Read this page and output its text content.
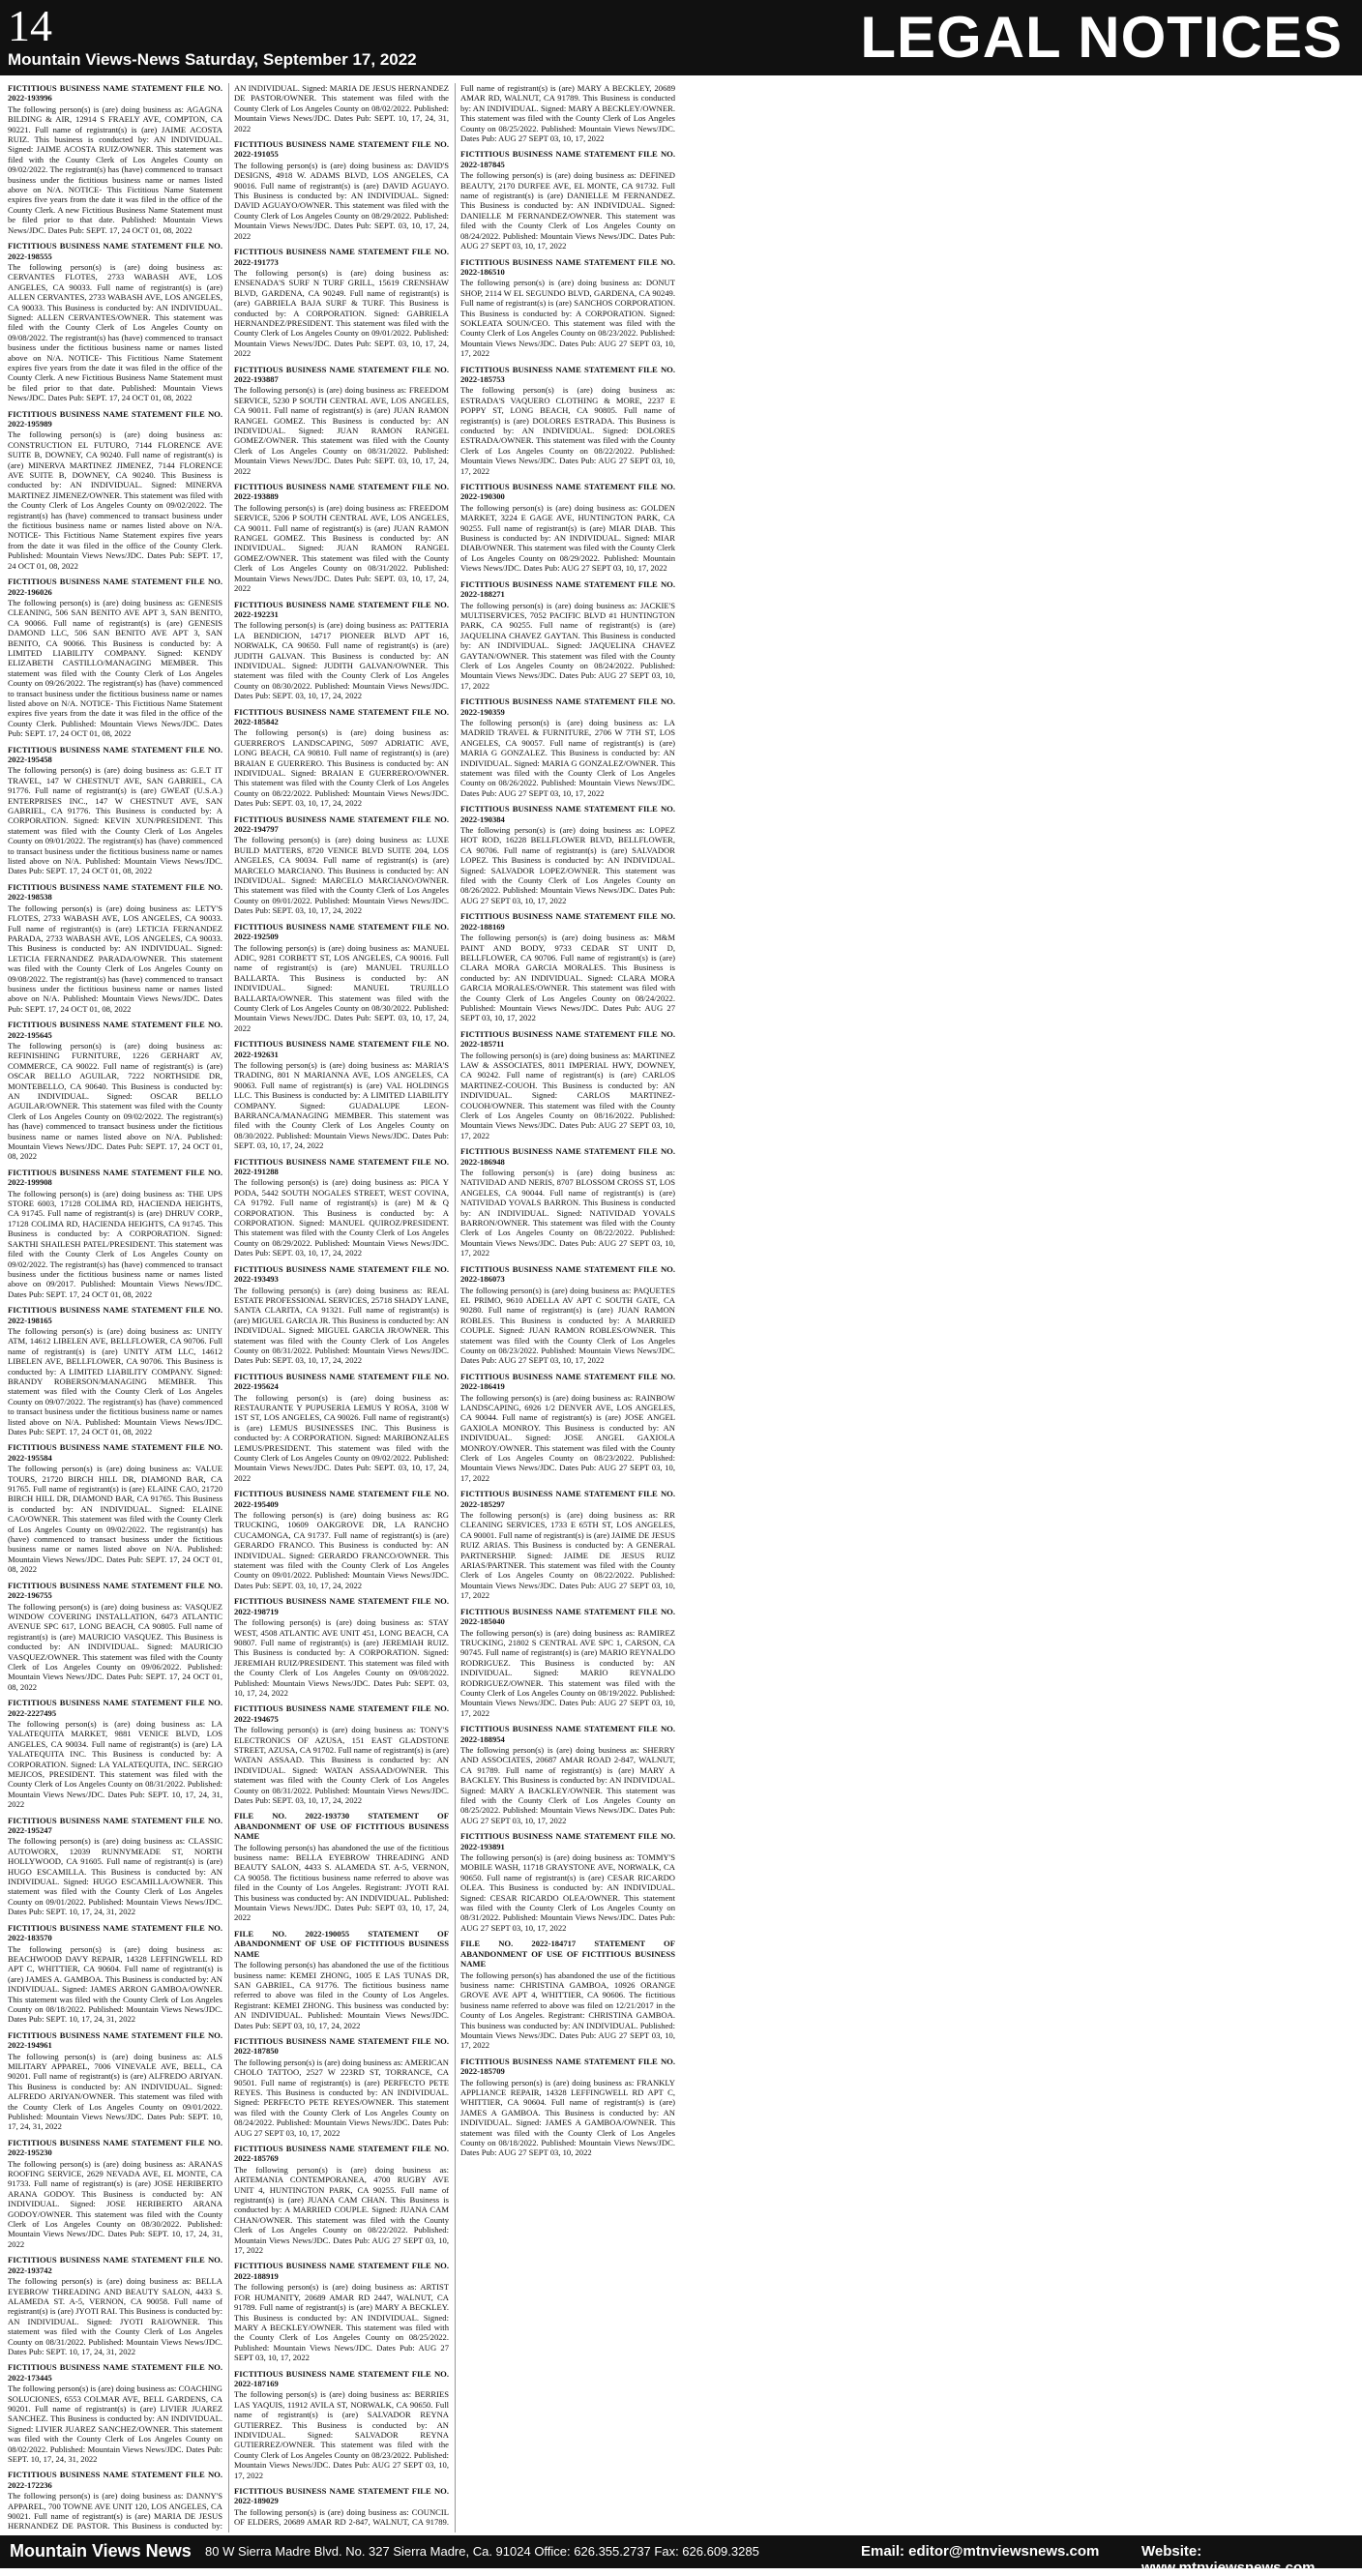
14
Mountain Views-News Saturday, September 17, 2022	LEGAL NOTICES
FICTITIOUS BUSINESS NAME STATEMENT FILE NO. 2022-193996
The following person(s) is (are) doing business as: AGAGNA BILDING & AIR, 12914 S FRAELY AVE, COMPTON, CA 90221. Full name of registrant(s) is (are) JAIME ACOSTA RUIZ. This business is conducted by: AN INDIVIDUAL. Signed: JAIME ACOSTA RUIZ/OWNER. This statement was filed with the County Clerk of Los Angeles County on 09/02/2022. The registrant(s) has (have) commenced to transact business under the fictitious business name or names listed above on N/A. NOTICE- This Fictitious Name Statement expires five years from the date it was filed in the office of the County Clerk. A new Fictitious Business Name Statement must be filed prior to that date. Published: Mountain Views News/JDC. Dates Pub: SEPT. 17, 24 OCT 01, 08, 2022
FICTITIOUS BUSINESS NAME STATEMENT FILE NO. 2022-198555
The following person(s) is (are) doing business as: CERVANTES FLOTES, 2733 WABASH AVE, LOS ANGELES, CA 90033. Full name of registrant(s) is (are) ALLEN CERVANTES, 2733 WABASH AVE, LOS ANGELES, CA 90033. This Business is conducted by: AN INDIVIDUAL. Signed: ALLEN CERVANTES/OWNER. This statement was filed with the County Clerk of Los Angeles County on 09/08/2022. The registrant(s) has (have) commenced to transact business under the fictitious business name or names listed above on N/A. NOTICE- This Fictitious Name Statement expires five years from the date it was filed in the office of the County Clerk. A new Fictitious Business Name Statement must be filed prior to that date. Published: Mountain Views News/JDC. Dates Pub: SEPT. 17, 24 OCT 01, 08, 2022
FICTITIOUS BUSINESS NAME STATEMENT FILE NO. 2022-195989
The following person(s) is (are) doing business as: CONSTRUCTION EL FUTURO, 7144 FLORENCE AVE SUITE B, DOWNEY, CA 90240. Full name of registrant(s) is (are) MINERVA MARTINEZ JIMENEZ, 7144 FLORENCE AVE SUITE B, DOWNEY, CA 90240. This Business is conducted by: AN INDIVIDUAL. Signed: MINERVA MARTINEZ JIMENEZ/OWNER. This statement was filed with the County Clerk of Los Angeles County on 09/02/2022. The registrant(s) has (have) commenced to transact business under the fictitious business name or names listed above on N/A. NOTICE- This Fictitious Name Statement expires five years from the date it was filed in the office of the County Clerk. Published: Mountain Views News/JDC. Dates Pub: SEPT. 17, 24 OCT 01, 08, 2022
FICTITIOUS BUSINESS NAME STATEMENT FILE NO. 2022-196026
The following person(s) is (are) doing business as: GENESIS CLEANING, 506 SAN BENITO AVE APT 3, SAN BENITO, CA 90066. Full name of registrant(s) is (are) GENESIS DAMOND LLC, 506 SAN BENITO AVE APT 3, SAN BENITO, CA 90066. This Business is conducted by: A LIMITED LIABILITY COMPANY. Signed: KENDY ELIZABETH CASTILLO/MANAGING MEMBER. This statement was filed with the County Clerk of Los Angeles County on 09/26/2022. The registrant(s) has (have) commenced to transact business under the fictitious business name or names listed above on N/A. NOTICE- This Fictitious Name Statement expires five years from the date it was filed in the office of the County Clerk. Published: Mountain Views News/JDC. Dates Pub: SEPT. 17, 24 OCT 01, 08, 2022
FICTITIOUS BUSINESS NAME STATEMENT FILE NO. 2022-195458
The following person(s) is (are) doing business as: G.E.T IT TRAVEL, 147 W CHESTNUT AVE, SAN GABRIEL, CA 91776. Full name of registrant(s) is (are) GWEAT (U.S.A.) ENTERPRISES INC., 147 W CHESTNUT AVE, SAN GABRIEL, CA 91776. This Business is conducted by: A CORPORATION. Signed: KEVIN XUN/PRESIDENT. This statement was filed with the County Clerk of Los Angeles County on 09/01/2022. The registrant(s) has (have) commenced to transact business under the fictitious business name or names listed above on N/A. Published: Mountain Views News/JDC. Dates Pub: SEPT. 17, 24 OCT 01, 08, 2022
FICTITIOUS BUSINESS NAME STATEMENT FILE NO. 2022-198538
The following person(s) is (are) doing business as: LETY'S FLOTES, 2733 WABASH AVE, LOS ANGELES, CA 90033. Full name of registrant(s) is (are) LETICIA FERNANDEZ PARADA, 2733 WABASH AVE, LOS ANGELES, CA 90033. This Business is conducted by: AN INDIVIDUAL. Signed: LETICIA FERNANDEZ PARADA/OWNER. This statement was filed with the County Clerk of Los Angeles County on 09/08/2022. The registrant(s) has (have) commenced to transact business under the fictitious business name or names listed above on N/A. Published: Mountain Views News/JDC. Dates Pub: SEPT. 17, 24 OCT 01, 08, 2022
FICTITIOUS BUSINESS NAME STATEMENT FILE NO. 2022-195645
The following person(s) is (are) doing business as: REFINISHING FURNITURE, 1226 GERHART AV, COMMERCE, CA 90022. Full name of registrant(s) is (are) OSCAR BELLO AGUILAR, 7222 NORTHSIDE DR, MONTEBELLO, CA 90640. This Business is conducted by: AN INDIVIDUAL. Signed: OSCAR BELLO AGUILAR/OWNER. This statement was filed with the County Clerk of Los Angeles County on 09/02/2022. The registrant(s) has (have) commenced to transact business under the fictitious business name or names listed above on N/A. Published: Mountain Views News/JDC. Dates Pub: SEPT. 17, 24 OCT 01, 08, 2022
FICTITIOUS BUSINESS NAME STATEMENT FILE NO. 2022-199908
The following person(s) is (are) doing business as: THE UPS STORE 6003, 17128 COLIMA RD, HACIENDA HEIGHTS, CA 91745. Full name of registrant(s) is (are) DHRUV CORP., 17128 COLIMA RD, HACIENDA HEIGHTS, CA 91745. This Business is conducted by: A CORPORATION. Signed: SAKTHI SHAILESH PATEL/PRESIDENT. This statement was filed with the County Clerk of Los Angeles County on 09/02/2022. The registrant(s) has (have) commenced to transact business under the fictitious business name or names listed above on 09/2017. Published: Mountain Views News/JDC. Dates Pub: SEPT. 17, 24 OCT 01, 08, 2022
FICTITIOUS BUSINESS NAME STATEMENT FILE NO. 2022-198165
The following person(s) is (are) doing business as: UNITY ATM, 14612 LIBELEN AVE, BELLFLOWER, CA 90706. Full name of registrant(s) is (are) UNITY ATM LLC, 14612 LIBELEN AVE, BELLFLOWER, CA 90706. This Business is conducted by: A LIMITED LIABILITY COMPANY. Signed: BRANDY ROBERSON/MANAGING MEMBER. This statement was filed with the County Clerk of Los Angeles County on 09/07/2022. The registrant(s) has (have) commenced to transact business under the fictitious business name or names listed above on N/A. Published: Mountain Views News/JDC. Dates Pub: SEPT. 17, 24 OCT 01, 08, 2022
FICTITIOUS BUSINESS NAME STATEMENT FILE NO. 2022-195584
The following person(s) is (are) doing business as: VALUE TOURS, 21720 BIRCH HILL DR, DIAMOND BAR, CA 91765. Full name of registrant(s) is (are) ELAINE CAO, 21720 BIRCH HILL DR, DIAMOND BAR, CA 91765. This Business is conducted by: AN INDIVIDUAL. Signed: ELAINE CAO/OWNER. This statement was filed with the County Clerk of Los Angeles County on 09/02/2022. The registrant(s) has (have) commenced to transact business under the fictitious business name or names listed above on N/A. Published: Mountain Views News/JDC. Dates Pub: SEPT. 17, 24 OCT 01, 08, 2022
FICTITIOUS BUSINESS NAME STATEMENT FILE NO. 2022-196755
The following person(s) is (are) doing business as: VASQUEZ WINDOW COVERING INSTALLATION, 6473 ATLANTIC AVENUE SPC 617, LONG BEACH, CA 90805. Full name of registrant(s) is (are) MAURICIO VASQUEZ. This Business is conducted by: AN INDIVIDUAL. Signed: MAURICIO VASQUEZ/OWNER. This statement was filed with the County Clerk of Los Angeles County on 09/06/2022. Published: Mountain Views News/JDC. Dates Pub: SEPT. 17, 24 OCT 01, 08, 2022
FICTITIOUS BUSINESS NAME STATEMENT FILE NO. 2022-2227495
The following person(s) is (are) doing business as: LA YALATEQUITA MARKET, 9881 VENICE BLVD, LOS ANGELES, CA 90034. Full name of registrant(s) is (are) LA YALATEQUITA INC. This Business is conducted by: A CORPORATION. Signed: LA YALATEQUITA, INC. SERGIO MEJICOS, PRESIDENT. This statement was filed with the County Clerk of Los Angeles County on 08/31/2022. Published: Mountain Views News/JDC. Dates Pub: SEPT. 10, 17, 24, 31, 2022
FICTITIOUS BUSINESS NAME STATEMENT FILE NO. 2022-195247
The following person(s) is (are) doing business as: CLASSIC AUTOWORX, 12039 RUNNYMEADE ST, NORTH HOLLYWOOD, CA 91605. Full name of registrant(s) is (are) HUGO ESCAMILLA. This Business is conducted by: AN INDIVIDUAL. Signed: HUGO ESCAMILLA/OWNER. This statement was filed with the County Clerk of Los Angeles County on 09/01/2022. Published: Mountain Views News/JDC. Dates Pub: SEPT. 10, 17, 24, 31, 2022
FICTITIOUS BUSINESS NAME STATEMENT FILE NO. 2022-183570
The following person(s) is (are) doing business as: BEACHWOOD DAVY REPAIR, 14328 LEFFINGWELL RD APT C, WHITTIER, CA 90604. Full name of registrant(s) is (are) JAMES A. GAMBOA. This Business is conducted by: AN INDIVIDUAL. Signed: JAMES ARRON GAMBOA/OWNER. This statement was filed with the County Clerk of Los Angeles County on 08/18/2022. Published: Mountain Views News/JDC. Dates Pub: SEPT. 10, 17, 24, 31, 2022
FICTITIOUS BUSINESS NAME STATEMENT FILE NO. 2022-194961
The following person(s) is (are) doing business as: ALS MILITARY APPAREL, 7006 VINEVALE AVE, BELL, CA 90201. Full name of registrant(s) is (are) ALFREDO ARIYAN. This Business is conducted by: AN INDIVIDUAL. Signed: ALFREDO ARIYAN/OWNER. This statement was filed with the County Clerk of Los Angeles County on 09/01/2022. Published: Mountain Views News/JDC. Dates Pub: SEPT. 10, 17, 24, 31, 2022
FICTITIOUS BUSINESS NAME STATEMENT FILE NO. 2022-195230
The following person(s) is (are) doing business as: ARANAS ROOFING SERVICE, 2629 NEVADA AVE, EL MONTE, CA 91733. Full name of registrant(s) is (are) JOSE HERIBERTO ARANA GODOY. This Business is conducted by: AN INDIVIDUAL. Signed: JOSE HERIBERTO ARANA GODOY/OWNER. This statement was filed with the County Clerk of Los Angeles County on 08/30/2022. Published: Mountain Views News/JDC. Dates Pub: SEPT. 10, 17, 24, 31, 2022
FICTITIOUS BUSINESS NAME STATEMENT FILE NO. 2022-193742
The following person(s) is (are) doing business as: BELLA EYEBROW THREADING AND BEAUTY SALON, 4433 S. ALAMEDA ST. A-5, VERNON, CA 90058. Full name of registrant(s) is (are) JYOTI RAI. This Business is conducted by: AN INDIVIDUAL. Signed: JYOTI RAI/OWNER. This statement was filed with the County Clerk of Los Angeles County on 08/31/2022. Published: Mountain Views News/JDC. Dates Pub: SEPT. 10, 17, 24, 31, 2022
FICTITIOUS BUSINESS NAME STATEMENT FILE NO. 2022-173445
The following person(s) is (are) doing business as: COACHING SOLUCIONES, 6553 COLMAR AVE, BELL GARDENS, CA 90201. Full name of registrant(s) is (are) LIVIER JUAREZ SANCHEZ. This Business is conducted by: AN INDIVIDUAL. Signed: LIVIER JUAREZ SANCHEZ/OWNER. This statement was filed with the County Clerk of Los Angeles County on 08/02/2022. Published: Mountain Views News/JDC. Dates Pub: SEPT. 10, 17, 24, 31, 2022
FICTITIOUS BUSINESS NAME STATEMENT FILE NO. 2022-172236
The following person(s) is (are) doing business as: DANNY'S APPAREL, 700 TOWNE AVE UNIT 120, LOS ANGELES, CA 90021. Full name of registrant(s) is (are) MARIA DE JESUS HERNANDEZ DE PASTOR. This Business is conducted by: AN INDIVIDUAL. Signed: MARIA DE JESUS HERNANDEZ DE PASTOR/OWNER. This statement was filed with the County Clerk of Los Angeles County on 08/02/2022. Published: Mountain Views News/JDC. Dates Pub: SEPT. 10, 17, 24, 31, 2022
FICTITIOUS BUSINESS NAME STATEMENT FILE NO. 2022-191055
The following person(s) is (are) doing business as: DAVID'S DESIGNS, 4918 W. ADAMS BLVD, LOS ANGELES, CA 90016. Full name of registrant(s) is (are) DAVID AGUAYO. This Business is conducted by: AN INDIVIDUAL. Signed: DAVID AGUAYO/OWNER. This statement was filed with the County Clerk of Los Angeles County on 08/29/2022. Published: Mountain Views News/JDC. Dates Pub: SEPT. 03, 10, 17, 24, 2022
FICTITIOUS BUSINESS NAME STATEMENT FILE NO. 2022-191773
The following person(s) is (are) doing business as: ENSENADA'S SURF N TURF GRILL, 15619 CRENSHAW BLVD, GARDENA, CA 90249. Full name of registrant(s) is (are) GABRIELA BAJA SURF & TURF. This Business is conducted by: A CORPORATION. Signed: GABRIELA HERNANDEZ/PRESIDENT. This statement was filed with the County Clerk of Los Angeles County on 09/01/2022. Published: Mountain Views News/JDC. Dates Pub: SEPT. 03, 10, 17, 24, 2022
FICTITIOUS BUSINESS NAME STATEMENT FILE NO. 2022-193887
The following person(s) is (are) doing business as: FREEDOM SERVICE, 5230 P SOUTH CENTRAL AVE, LOS ANGELES, CA 90011. Full name of registrant(s) is (are) JUAN RAMON RANGEL GOMEZ. This Business is conducted by: AN INDIVIDUAL. Signed: JUAN RAMON RANGEL GOMEZ/OWNER. This statement was filed with the County Clerk of Los Angeles County on 08/31/2022. Published: Mountain Views News/JDC. Dates Pub: SEPT. 03, 10, 17, 24, 2022
FICTITIOUS BUSINESS NAME STATEMENT FILE NO. 2022-193889
The following person(s) is (are) doing business as: FREEDOM SERVICE, 5206 P SOUTH CENTRAL AVE, LOS ANGELES, CA 90011. Full name of registrant(s) is (are) JUAN RAMON RANGEL GOMEZ. This Business is conducted by: AN INDIVIDUAL. Signed: JUAN RAMON RANGEL GOMEZ/OWNER. This statement was filed with the County Clerk of Los Angeles County on 08/31/2022. Published: Mountain Views News/JDC. Dates Pub: SEPT. 03, 10, 17, 24, 2022
FICTITIOUS BUSINESS NAME STATEMENT FILE NO. 2022-192231
The following person(s) is (are) doing business as: PATTERIA LA BENDICION, 14717 PIONEER BLVD APT 16, NORWALK, CA 90650. Full name of registrant(s) is (are) JUDITH GALVAN. This Business is conducted by: AN INDIVIDUAL. Signed: JUDITH GALVAN/OWNER. This statement was filed with the County Clerk of Los Angeles County on 08/30/2022. Published: Mountain Views News/JDC. Dates Pub: SEPT. 03, 10, 17, 24, 2022
FICTITIOUS BUSINESS NAME STATEMENT FILE NO. 2022-185842
The following person(s) is (are) doing business as: GUERRERO'S LANDSCAPING, 5097 ADRIATIC AVE, LONG BEACH, CA 90810. Full name of registrant(s) is (are) BRAIAN E GUERRERO. This Business is conducted by: AN INDIVIDUAL. Signed: BRAIAN E GUERRERO/OWNER. This statement was filed with the County Clerk of Los Angeles County on 08/22/2022. Published: Mountain Views News/JDC. Dates Pub: SEPT. 03, 10, 17, 24, 2022
FICTITIOUS BUSINESS NAME STATEMENT FILE NO. 2022-194797
The following person(s) is (are) doing business as: LUXE BUILD MATTERS, 8720 VENICE BLVD SUITE 204, LOS ANGELES, CA 90034. Full name of registrant(s) is (are) MARCELO MARCIANO. This Business is conducted by: AN INDIVIDUAL. Signed: MARCELO MARCIANO/OWNER. This statement was filed with the County Clerk of Los Angeles County on 09/01/2022. Published: Mountain Views News/JDC. Dates Pub: SEPT. 03, 10, 17, 24, 2022
FICTITIOUS BUSINESS NAME STATEMENT FILE NO. 2022-192509
The following person(s) is (are) doing business as: MANUEL ADIC, 9281 CORBETT ST, LOS ANGELES, CA 90016. Full name of registrant(s) is (are) MANUEL TRUJILLO BALLARTA. This Business is conducted by: AN INDIVIDUAL. Signed: MANUEL TRUJILLO BALLARTA/OWNER. This statement was filed with the County Clerk of Los Angeles County on 08/30/2022. Published: Mountain Views News/JDC. Dates Pub: SEPT. 03, 10, 17, 24, 2022
FICTITIOUS BUSINESS NAME STATEMENT FILE NO. 2022-192631
The following person(s) is (are) doing business as: MARIA'S TRADING, 801 N MARIANNA AVE, LOS ANGELES, CA 90063. Full name of registrant(s) is (are) VAL HOLDINGS LLC. This Business is conducted by: A LIMITED LIABILITY COMPANY. Signed: GUADALUPE LEON-BARRANCA/MANAGING MEMBER. This statement was filed with the County Clerk of Los Angeles County on 08/30/2022. Published: Mountain Views News/JDC. Dates Pub: SEPT. 03, 10, 17, 24, 2022
FICTITIOUS BUSINESS NAME STATEMENT FILE NO. 2022-191288
The following person(s) is (are) doing business as: PICA Y PODA, 5442 SOUTH NOGALES STREET, WEST COVINA, CA 91792. Full name of registrant(s) is (are) M & Q CORPORATION. This Business is conducted by: A CORPORATION. Signed: MANUEL QUIROZ/PRESIDENT. This statement was filed with the County Clerk of Los Angeles County on 08/29/2022. Published: Mountain Views News/JDC. Dates Pub: SEPT. 03, 10, 17, 24, 2022
FICTITIOUS BUSINESS NAME STATEMENT FILE NO. 2022-193493
The following person(s) is (are) doing business as: REAL ESTATE PROFESSIONAL SERVICES, 25718 SHADY LANE, SANTA CLARITA, CA 91321. Full name of registrant(s) is (are) MIGUEL GARCIA JR. This Business is conducted by: AN INDIVIDUAL. Signed: MIGUEL GARCIA JR/OWNER. This statement was filed with the County Clerk of Los Angeles County on 08/31/2022. Published: Mountain Views News/JDC. Dates Pub: SEPT. 03, 10, 17, 24, 2022
FICTITIOUS BUSINESS NAME STATEMENT FILE NO. 2022-195624
The following person(s) is (are) doing business as: RESTAURANTE Y PUPUSERIA LEMUS Y ROSA, 3108 W 1ST ST, LOS ANGELES, CA 90026. Full name of registrant(s) is (are) LEMUS BUSINESSES INC. This Business is conducted by: A CORPORATION. Signed: MARIBONZALES LEMUS/PRESIDENT. This statement was filed with the County Clerk of Los Angeles County on 09/02/2022. Published: Mountain Views News/JDC. Dates Pub: SEPT. 03, 10, 17, 24, 2022
FICTITIOUS BUSINESS NAME STATEMENT FILE NO. 2022-195409
The following person(s) is (are) doing business as: RG TRUCKING, 10609 OAKGROVE DR, LA RANCHO CUCAMONGA, CA 91737. Full name of registrant(s) is (are) GERARDO FRANCO. This Business is conducted by: AN INDIVIDUAL. Signed: GERARDO FRANCO/OWNER. This statement was filed with the County Clerk of Los Angeles County on 09/01/2022. Published: Mountain Views News/JDC. Dates Pub: SEPT. 03, 10, 17, 24, 2022
FICTITIOUS BUSINESS NAME STATEMENT FILE NO. 2022-198719
The following person(s) is (are) doing business as: STAY WEST, 4508 ATLANTIC AVE UNIT 451, LONG BEACH, CA 90807. Full name of registrant(s) is (are) JEREMIAH RUIZ. This Business is conducted by: A CORPORATION. Signed: JEREMIAH RUIZ/PRESIDENT. This statement was filed with the County Clerk of Los Angeles County on 09/08/2022. Published: Mountain Views News/JDC. Dates Pub: SEPT. 03, 10, 17, 24, 2022
FICTITIOUS BUSINESS NAME STATEMENT FILE NO. 2022-194675
The following person(s) is (are) doing business as: TONY'S ELECTRONICS OF AZUSA, 151 EAST GLADSTONE STREET, AZUSA, CA 91702. Full name of registrant(s) is (are) WATAN ASSAAD. This Business is conducted by: AN INDIVIDUAL. Signed: WATAN ASSAAD/OWNER. This statement was filed with the County Clerk of Los Angeles County on 08/31/2022. Published: Mountain Views News/JDC. Dates Pub: SEPT. 03, 10, 17, 24, 2022
FILE NO. 2022-193730 STATEMENT OF ABANDONMENT OF USE OF FICTITIOUS BUSINESS NAME
The following person(s) has abandoned the use of the fictitious business name: BELLA EYEBROW THREADING AND BEAUTY SALON, 4433 S. ALAMEDA ST. A-5, VERNON, CA 90058. The fictitious business name referred to above was filed in the County of Los Angeles. Registrant: JYOTI RAI. This business was conducted by: AN INDIVIDUAL. Published: Mountain Views News/JDC. Dates Pub: SEPT 03, 10, 17, 24, 2022
FILE NO. 2022-190055 STATEMENT OF ABANDONMENT OF USE OF FICTITIOUS BUSINESS NAME
The following person(s) has abandoned the use of the fictitious business name: KEMEI ZHONG, 1005 E LAS TUNAS DR, SAN GABRIEL, CA 91776. The fictitious business name referred to above was filed in the County of Los Angeles. Registrant: KEMEI ZHONG. This business was conducted by: AN INDIVIDUAL. Published: Mountain Views News/JDC. Dates Pub: SEPT 03, 10, 17, 24, 2022
FICTITIOUS BUSINESS NAME STATEMENT FILE NO. 2022-187850
The following person(s) is (are) doing business as: AMERICAN CHOLO TATTOO, 2527 W 223RD ST, TORRANCE, CA 90501. Full name of registrant(s) is (are) PERFECTO PETE REYES. This Business is conducted by: AN INDIVIDUAL. Signed: PERFECTO PETE REYES/OWNER. This statement was filed with the County Clerk of Los Angeles County on 08/24/2022. Published: Mountain Views News/JDC. Dates Pub: AUG 27 SEPT 03, 10, 17, 2022
FICTITIOUS BUSINESS NAME STATEMENT FILE NO. 2022-185769
The following person(s) is (are) doing business as: ARTEMANIA CONTEMPORANEA, 4700 RUGBY AVE UNIT 4, HUNTINGTON PARK, CA 90255. Full name of registrant(s) is (are) JUANA CAM CHAN. This Business is conducted by: A MARRIED COUPLE. Signed: JUANA CAM CHAN/OWNER. This statement was filed with the County Clerk of Los Angeles County on 08/22/2022. Published: Mountain Views News/JDC. Dates Pub: AUG 27 SEPT 03, 10, 17, 2022
FICTITIOUS BUSINESS NAME STATEMENT FILE NO. 2022-188919
The following person(s) is (are) doing business as: ARTIST FOR HUMANITY, 20689 AMAR RD 2447, WALNUT, CA 91789. Full name of registrant(s) is (are) MARY A BECKLEY. This Business is conducted by: AN INDIVIDUAL. Signed: MARY A BECKLEY/OWNER. This statement was filed with the County Clerk of Los Angeles County on 08/25/2022. Published: Mountain Views News/JDC. Dates Pub: AUG 27 SEPT 03, 10, 17, 2022
FICTITIOUS BUSINESS NAME STATEMENT FILE NO. 2022-187169
The following person(s) is (are) doing business as: BERRIES LAS YAQUIS, 11912 AVILA ST, NORWALK, CA 90650. Full name of registrant(s) is (are) SALVADOR REYNA GUTIERREZ. This Business is conducted by: AN INDIVIDUAL. Signed: SALVADOR REYNA GUTIERREZ/OWNER. This statement was filed with the County Clerk of Los Angeles County on 08/23/2022. Published: Mountain Views News/JDC. Dates Pub: AUG 27 SEPT 03, 10, 17, 2022
FICTITIOUS BUSINESS NAME STATEMENT FILE NO. 2022-189029
The following person(s) is (are) doing business as: COUNCIL OF ELDERS, 20689 AMAR RD 2-847, WALNUT, CA 91789. Full name of registrant(s) is (are) MARY A BECKLEY, 20689 AMAR RD, WALNUT, CA 91789. This Business is conducted by: AN INDIVIDUAL. Signed: MARY A BECKLEY/OWNER. This statement was filed with the County Clerk of Los Angeles County on 08/25/2022. Published: Mountain Views News/JDC. Dates Pub: AUG 27 SEPT 03, 10, 17, 2022
FICTITIOUS BUSINESS NAME STATEMENT FILE NO. 2022-187845
The following person(s) is (are) doing business as: DEFINED BEAUTY, 2170 DURFEE AVE, EL MONTE, CA 91732. Full name of registrant(s) is (are) DANIELLE M FERNANDEZ. This Business is conducted by: AN INDIVIDUAL. Signed: DANIELLE M FERNANDEZ/OWNER. This statement was filed with the County Clerk of Los Angeles County on 08/24/2022. Published: Mountain Views News/JDC. Dates Pub: AUG 27 SEPT 03, 10, 17, 2022
FICTITIOUS BUSINESS NAME STATEMENT FILE NO. 2022-186510
The following person(s) is (are) doing business as: DONUT SHOP, 2114 W EL SEGUNDO BLVD, GARDENA, CA 90249. Full name of registrant(s) is (are) SANCHOS CORPORATION. This Business is conducted by: A CORPORATION. Signed: SOKLEATA SOUN/CEO. This statement was filed with the County Clerk of Los Angeles County on 08/23/2022. Published: Mountain Views News/JDC. Dates Pub: AUG 27 SEPT 03, 10, 17, 2022
FICTITIOUS BUSINESS NAME STATEMENT FILE NO. 2022-185753
The following person(s) is (are) doing business as: ESTRADA'S VAQUERO CLOTHING & MORE, 2237 E POPPY ST, LONG BEACH, CA 90805. Full name of registrant(s) is (are) DOLORES ESTRADA. This Business is conducted by: AN INDIVIDUAL. Signed: DOLORES ESTRADA/OWNER. This statement was filed with the County Clerk of Los Angeles County on 08/22/2022. Published: Mountain Views News/JDC. Dates Pub: AUG 27 SEPT 03, 10, 17, 2022
FICTITIOUS BUSINESS NAME STATEMENT FILE NO. 2022-190300
The following person(s) is (are) doing business as: GOLDEN MARKET, 3224 E GAGE AVE, HUNTINGTON PARK, CA 90255. Full name of registrant(s) is (are) MIAR DIAB. This Business is conducted by: AN INDIVIDUAL. Signed: MIAR DIAB/OWNER. This statement was filed with the County Clerk of Los Angeles County on 08/29/2022. Published: Mountain Views News/JDC. Dates Pub: AUG 27 SEPT 03, 10, 17, 2022
FICTITIOUS BUSINESS NAME STATEMENT FILE NO. 2022-188271
The following person(s) is (are) doing business as: JACKIE'S MULTISERVICES, 7052 PACIFIC BLVD #1 HUNTINGTON PARK, CA 90255. Full name of registrant(s) is (are) JAQUELINA CHAVEZ GAYTAN. This Business is conducted by: AN INDIVIDUAL. Signed: JAQUELINA CHAVEZ GAYTAN/OWNER. This statement was filed with the County Clerk of Los Angeles County on 08/24/2022. Published: Mountain Views News/JDC. Dates Pub: AUG 27 SEPT 03, 10, 17, 2022
FICTITIOUS BUSINESS NAME STATEMENT FILE NO. 2022-190359
The following person(s) is (are) doing business as: LA MADRID TRAVEL & FURNITURE, 2706 W 7TH ST, LOS ANGELES, CA 90057. Full name of registrant(s) is (are) MARIA G GONZALEZ. This Business is conducted by: AN INDIVIDUAL. Signed: MARIA G GONZALEZ/OWNER. This statement was filed with the County Clerk of Los Angeles County on 08/26/2022. Published: Mountain Views News/JDC. Dates Pub: AUG 27 SEPT 03, 10, 17, 2022
FICTITIOUS BUSINESS NAME STATEMENT FILE NO. 2022-190384
The following person(s) is (are) doing business as: LOPEZ HOT ROD, 16228 BELLFLOWER BLVD, BELLFLOWER, CA 90706. Full name of registrant(s) is (are) SALVADOR LOPEZ. This Business is conducted by: AN INDIVIDUAL. Signed: SALVADOR LOPEZ/OWNER. This statement was filed with the County Clerk of Los Angeles County on 08/26/2022. Published: Mountain Views News/JDC. Dates Pub: AUG 27 SEPT 03, 10, 17, 2022
FICTITIOUS BUSINESS NAME STATEMENT FILE NO. 2022-188169
The following person(s) is (are) doing business as: M&M PAINT AND BODY, 9733 CEDAR ST UNIT D, BELLFLOWER, CA 90706. Full name of registrant(s) is (are) CLARA MORA GARCIA MORALES. This Business is conducted by: AN INDIVIDUAL. Signed: CLARA MORA GARCIA MORALES/OWNER. This statement was filed with the County Clerk of Los Angeles County on 08/24/2022. Published: Mountain Views News/JDC. Dates Pub: AUG 27 SEPT 03, 10, 17, 2022
FICTITIOUS BUSINESS NAME STATEMENT FILE NO. 2022-185711
The following person(s) is (are) doing business as: MARTINEZ LAW & ASSOCIATES, 8011 IMPERIAL HWY, DOWNEY, CA 90242. Full name of registrant(s) is (are) CARLOS MARTINEZ-COUOH. This Business is conducted by: AN INDIVIDUAL. Signed: CARLOS MARTINEZ-COUOH/OWNER. This statement was filed with the County Clerk of Los Angeles County on 08/16/2022. Published: Mountain Views News/JDC. Dates Pub: AUG 27 SEPT 03, 10, 17, 2022
FICTITIOUS BUSINESS NAME STATEMENT FILE NO. 2022-186948
The following person(s) is (are) doing business as: NATIVIDAD AND NERIS, 8707 BLOSSOM CROSS ST, LOS ANGELES, CA 90044. Full name of registrant(s) is (are) NATIVIDAD YOVALS BARRON. This Business is conducted by: AN INDIVIDUAL. Signed: NATIVIDAD YOVALS BARRON/OWNER. This statement was filed with the County Clerk of Los Angeles County on 08/22/2022. Published: Mountain Views News/JDC. Dates Pub: AUG 27 SEPT 03, 10, 17, 2022
FICTITIOUS BUSINESS NAME STATEMENT FILE NO. 2022-186073
The following person(s) is (are) doing business as: PAQUETES EL PRIMO, 9610 ADELLA AV APT C SOUTH GATE, CA 90280. Full name of registrant(s) is (are) JUAN RAMON ROBLES. This Business is conducted by: A MARRIED COUPLE. Signed: JUAN RAMON ROBLES/OWNER. This statement was filed with the County Clerk of Los Angeles County on 08/23/2022. Published: Mountain Views News/JDC. Dates Pub: AUG 27 SEPT 03, 10, 17, 2022
FICTITIOUS BUSINESS NAME STATEMENT FILE NO. 2022-186419
The following person(s) is (are) doing business as: RAINBOW LANDSCAPING, 6926 1/2 DENVER AVE, LOS ANGELES, CA 90044. Full name of registrant(s) is (are) JOSE ANGEL GAXIOLA MONROY. This Business is conducted by: AN INDIVIDUAL. Signed: JOSE ANGEL GAXIOLA MONROY/OWNER. This statement was filed with the County Clerk of Los Angeles County on 08/23/2022. Published: Mountain Views News/JDC. Dates Pub: AUG 27 SEPT 03, 10, 17, 2022
FICTITIOUS BUSINESS NAME STATEMENT FILE NO. 2022-185297
The following person(s) is (are) doing business as: RR CLEANING SERVICES, 1733 E 65TH ST, LOS ANGELES, CA 90001. Full name of registrant(s) is (are) JAIME DE JESUS RUIZ ARIAS. This Business is conducted by: A GENERAL PARTNERSHIP. Signed: JAIME DE JESUS RUIZ ARIAS/PARTNER. This statement was filed with the County Clerk of Los Angeles County on 08/22/2022. Published: Mountain Views News/JDC. Dates Pub: AUG 27 SEPT 03, 10, 17, 2022
FICTITIOUS BUSINESS NAME STATEMENT FILE NO. 2022-185040
The following person(s) is (are) doing business as: RAMIREZ TRUCKING, 21802 S CENTRAL AVE SPC 1, CARSON, CA 90745. Full name of registrant(s) is (are) MARIO REYNALDO RODRIGUEZ. This Business is conducted by: AN INDIVIDUAL. Signed: MARIO REYNALDO RODRIGUEZ/OWNER. This statement was filed with the County Clerk of Los Angeles County on 08/19/2022. Published: Mountain Views News/JDC. Dates Pub: AUG 27 SEPT 03, 10, 17, 2022
FICTITIOUS BUSINESS NAME STATEMENT FILE NO. 2022-188954
The following person(s) is (are) doing business as: SHERRY AND ASSOCIATES, 20687 AMAR ROAD 2-847, WALNUT, CA 91789. Full name of registrant(s) is (are) MARY A BACKLEY. This Business is conducted by: AN INDIVIDUAL. Signed: MARY A BACKLEY/OWNER. This statement was filed with the County Clerk of Los Angeles County on 08/25/2022. Published: Mountain Views News/JDC. Dates Pub: AUG 27 SEPT 03, 10, 17, 2022
FICTITIOUS BUSINESS NAME STATEMENT FILE NO. 2022-193891
The following person(s) is (are) doing business as: TOMMY'S MOBILE WASH, 11718 GRAYSTONE AVE, NORWALK, CA 90650. Full name of registrant(s) is (are) CESAR RICARDO OLEA. This Business is conducted by: AN INDIVIDUAL. Signed: CESAR RICARDO OLEA/OWNER. This statement was filed with the County Clerk of Los Angeles County on 08/31/2022. Published: Mountain Views News/JDC. Dates Pub: AUG 27 SEPT 03, 10, 17, 2022
FILE NO. 2022-184717 STATEMENT OF ABANDONMENT OF USE OF FICTITIOUS BUSINESS NAME
The following person(s) has abandoned the use of the fictitious business name: CHRISTINA GAMBOA, 10926 ORANGE GROVE AVE APT 4, WHITTIER, CA 90606. The fictitious business name referred to above was filed on 12/21/2017 in the County of Los Angeles. Registrant: CHRISTINA GAMBOA. This business was conducted by: AN INDIVIDUAL. Published: Mountain Views News/JDC. Dates Pub: AUG 27 SEPT 03, 10, 17, 2022
FICTITIOUS BUSINESS NAME STATEMENT FILE NO. 2022-185709
The following person(s) is (are) doing business as: FRANKLY APPLIANCE REPAIR, 14328 LEFFINGWELL RD APT C, WHITTIER, CA 90604. Full name of registrant(s) is (are) JAMES A GAMBOA. This Business is conducted by: AN INDIVIDUAL. Signed: JAMES A GAMBOA/OWNER. This statement was filed with the County Clerk of Los Angeles County on 08/18/2022. Published: Mountain Views News/JDC. Dates Pub: AUG 27 SEPT 03, 10, 2022
Mountain Views News 80 W Sierra Madre Blvd. No. 327 Sierra Madre, Ca. 91024 Office: 626.355.2737 Fax: 626.609.3285	Email: editor@mtnviewsnews.com	Website: www.mtnviewsnews.com
